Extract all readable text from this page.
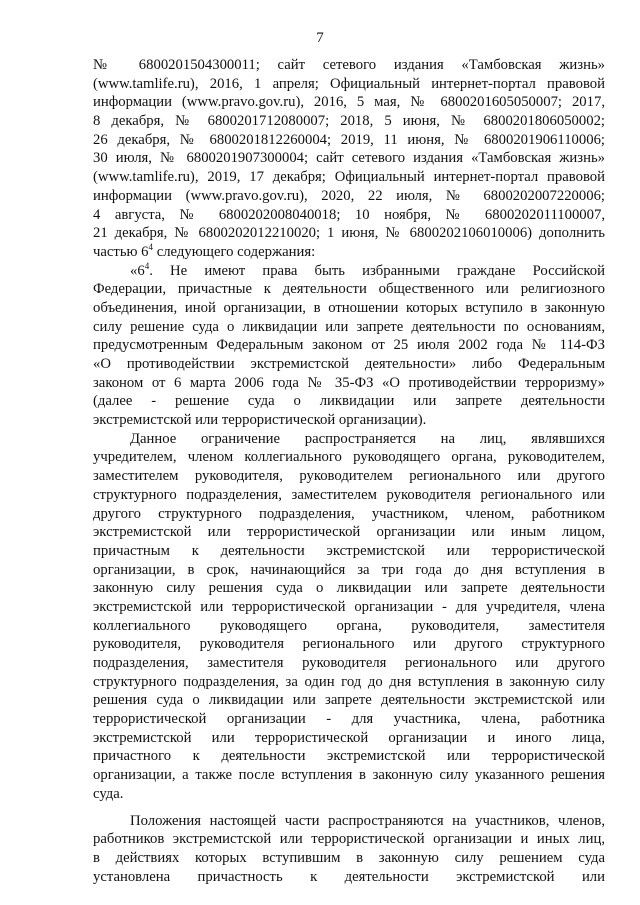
7
№ 6800201504300011; сайт сетевого издания «Тамбовская жизнь»
(www.tamlife.ru), 2016, 1 апреля; Официальный интернет-портал правовой
информации (www.pravo.gov.ru), 2016, 5 мая, № 6800201605050007; 2017,
8 декабря, № 6800201712080007; 2018, 5 июня, № 6800201806050002;
26 декабря, № 6800201812260004; 2019, 11 июня, № 6800201906110006;
30 июля, № 6800201907300004; сайт сетевого издания «Тамбовская жизнь»
(www.tamlife.ru), 2019, 17 декабря; Официальный интернет-портал правовой
информации (www.pravo.gov.ru), 2020, 22 июля, № 6800202007220006;
4 августа, № 6800202008040018; 10 ноября, № 6800202011100007,
21 декабря, № 6800202012210020; 1 июня, № 6800202106010006) дополнить
частью $6^4$ следующего содержания:
«$6^4$. Не имеют права быть избранными граждане Российской
Федерации, причастные к деятельности общественного или религиозного
объединения, иной организации, в отношении которых вступило в законную
силу решение суда о ликвидации или запрете деятельности по основаниям,
предусмотренным Федеральным законом от 25 июля 2002 года № 114-ФЗ
«О противодействии экстремистской деятельности» либо Федеральным
законом от 6 марта 2006 года № 35-ФЗ «О противодействии терроризму»
(далее - решение суда о ликвидации или запрете деятельности
экстремистской или террористической организации).
Данное ограничение распространяется на лиц, являвшихся
учредителем, членом коллегиального руководящего органа, руководителем,
заместителем руководителя, руководителем регионального или другого
структурного подразделения, заместителем руководителя регионального или
другого структурного подразделения, участником, членом, работником
экстремистской или террористической организации или иным лицом,
причастным к деятельности экстремистской или террористической
организации, в срок, начинающийся за три года до дня вступления в
законную силу решения суда о ликвидации или запрете деятельности
экстремистской или террористической организации - для учредителя, члена
коллегиального руководящего органа, руководителя, заместителя
руководителя, руководителя регионального или другого структурного
подразделения, заместителя руководителя регионального или другого
структурного подразделения, за один год до дня вступления в законную силу
решения суда о ликвидации или запрете деятельности экстремистской или
террористической организации - для участника, члена, работника
экстремистской или террористической организации и иного лица,
причастного к деятельности экстремистской или террористической
организации, а также после вступления в законную силу указанного решения
суда.
Положения настоящей части распространяются на участников, членов,
работников экстремистской или террористической организации и иных лиц,
в действиях которых вступившим в законную силу решением суда
установлена причастность к деятельности экстремистской или
